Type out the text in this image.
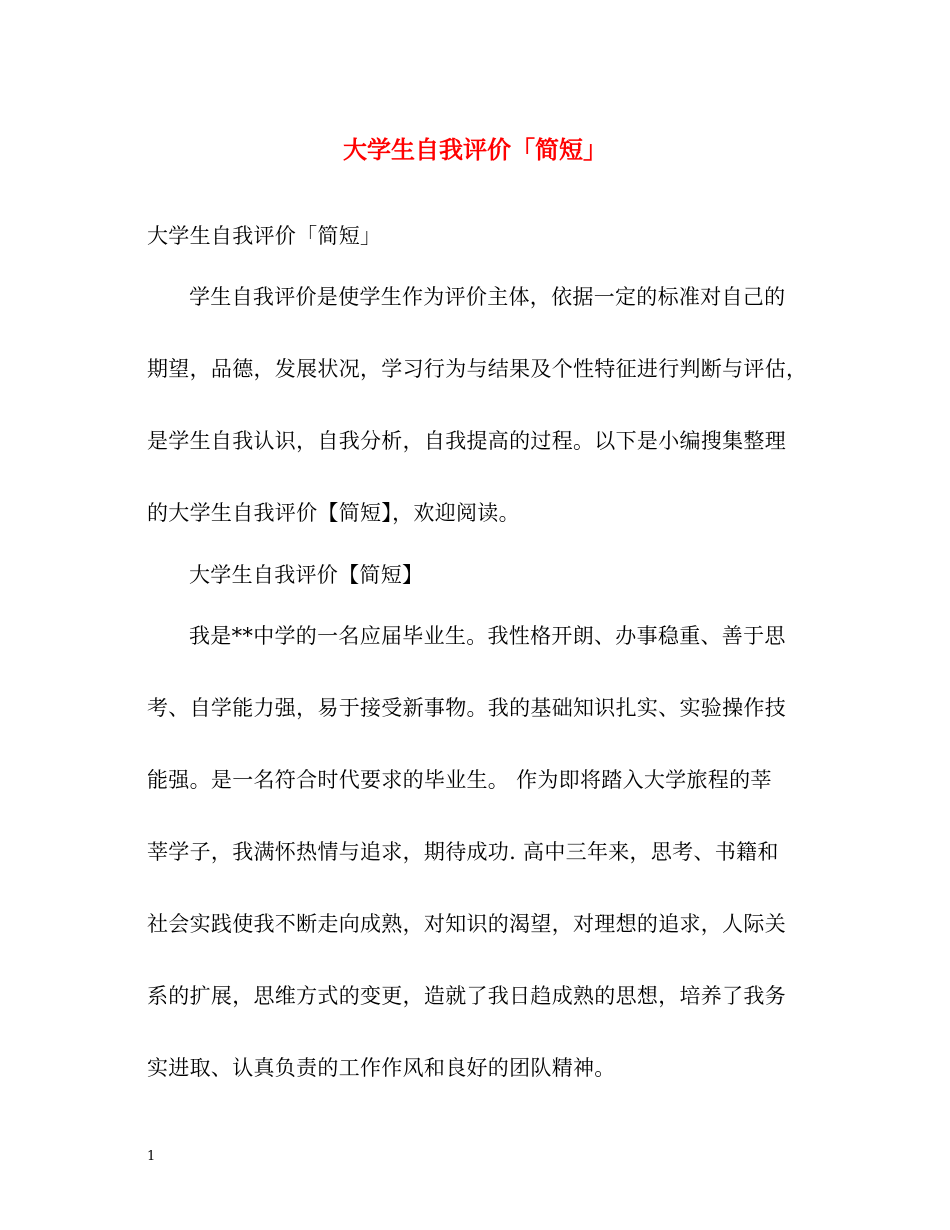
大学生自我评价「简短」
大学生自我评价「简短」
学生自我评价是使学生作为评价主体，依据一定的标准对自己的
期望，品德，发展状况，学习行为与结果及个性特征进行判断与评估，
是学生自我认识，自我分析，自我提高的过程。以下是小编搜集整理
的大学生自我评价【简短】，欢迎阅读。
大学生自我评价【简短】
我是**中学的一名应届毕业生。我性格开朗、办事稳重、善于思
考、自学能力强，易于接受新事物。我的基础知识扎实、实验操作技
能强。是一名符合时代要求的毕业生。 作为即将踏入大学旅程的莘
莘学子，我满怀热情与追求，期待成功. 高中三年来，思考、书籍和
社会实践使我不断走向成熟，对知识的渴望，对理想的追求，人际关
系的扩展，思维方式的变更，造就了我日趋成熟的思想，培养了我务
实进取、认真负责的工作作风和良好的团队精神。
1
